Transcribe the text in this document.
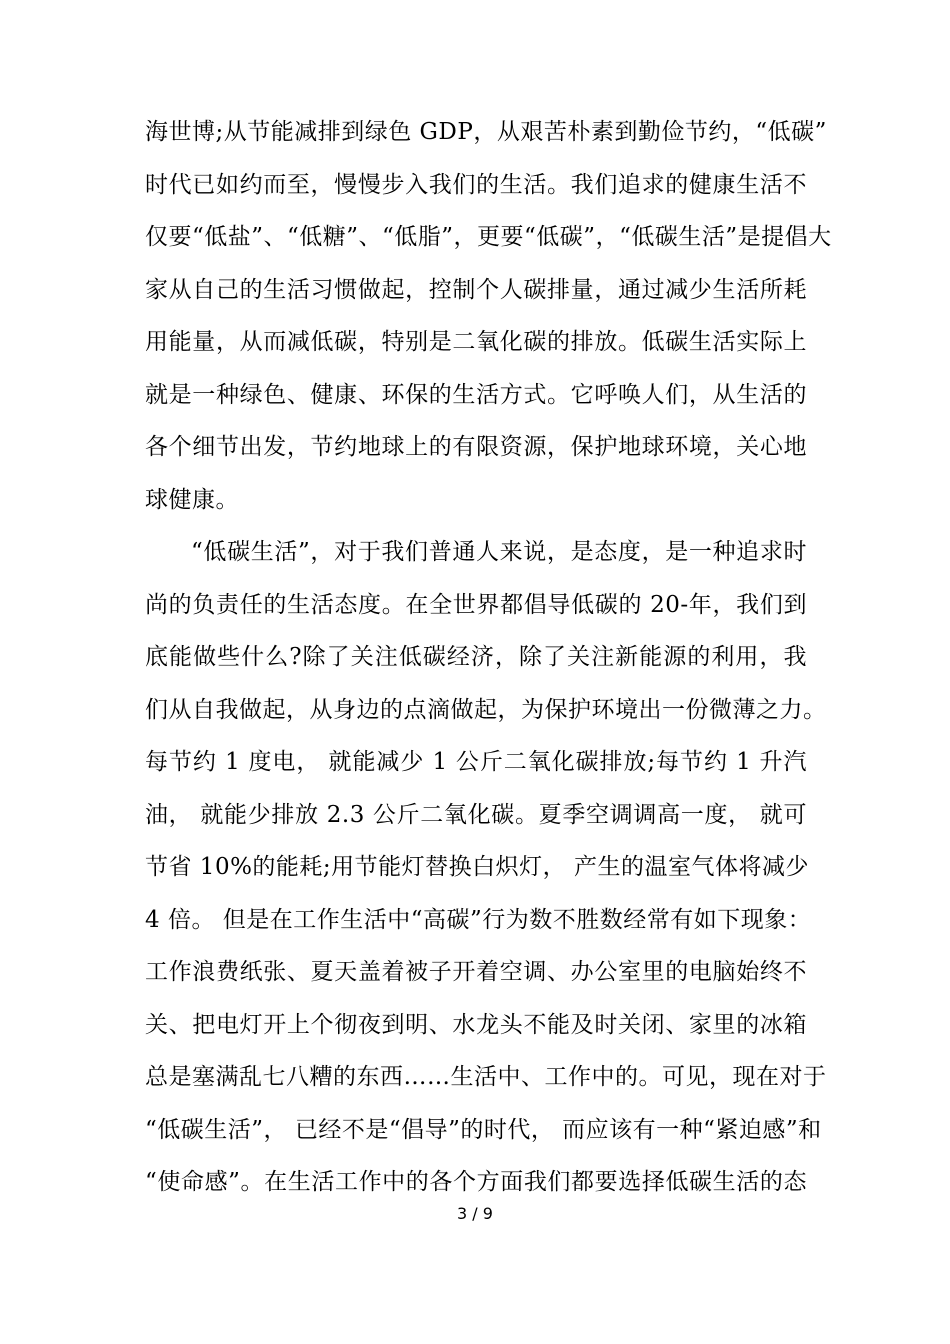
海世博;从节能减排到绿色 GDP，从艰苦朴素到勤俭节约，“低碳”
时代已如约而至，慢慢步入我们的生活。我们追求的健康生活不
仅要“低盐”、“低糖”、“低脂”，更要“低碳”，“低碳生活”是提倡大
家从自己的生活习惯做起，控制个人碳排量，通过减少生活所耗
用能量，从而减低碳，特别是二氧化碳的排放。低碳生活实际上
就是一种绿色、健康、环保的生活方式。它呼唤人们，从生活的
各个细节出发，节约地球上的有限资源，保护地球环境，关心地
球健康。
“低碳生活”，对于我们普通人来说，是态度，是一种追求时
尚的负责任的生活态度。在全世界都倡导低碳的 20-年，我们到
底能做些什么?除了关注低碳经济，除了关注新能源的利用，我
们从自我做起，从身边的点滴做起，为保护环境出一份微薄之力。
每节约 1 度电， 就能减少 1 公斤二氧化碳排放;每节约 1 升汽
油， 就能少排放 2.3 公斤二氧化碳。夏季空调调高一度， 就可
节省 10%的能耗;用节能灯替换白炽灯， 产生的温室气体将减少
4 倍。 但是在工作生活中“高碳”行为数不胜数经常有如下现象：
工作浪费纸张、夏天盖着被子开着空调、办公室里的电脑始终不
关、把电灯开上个彻夜到明、水龙头不能及时关闭、家里的冰箱
总是塞满乱七八糟的东西……生活中、工作中的。可见，现在对于
“低碳生活”， 已经不是“倡导”的时代， 而应该有一种“紧迫感”和
“使命感”。在生活工作中的各个方面我们都要选择低碳生活的态
3 / 9
